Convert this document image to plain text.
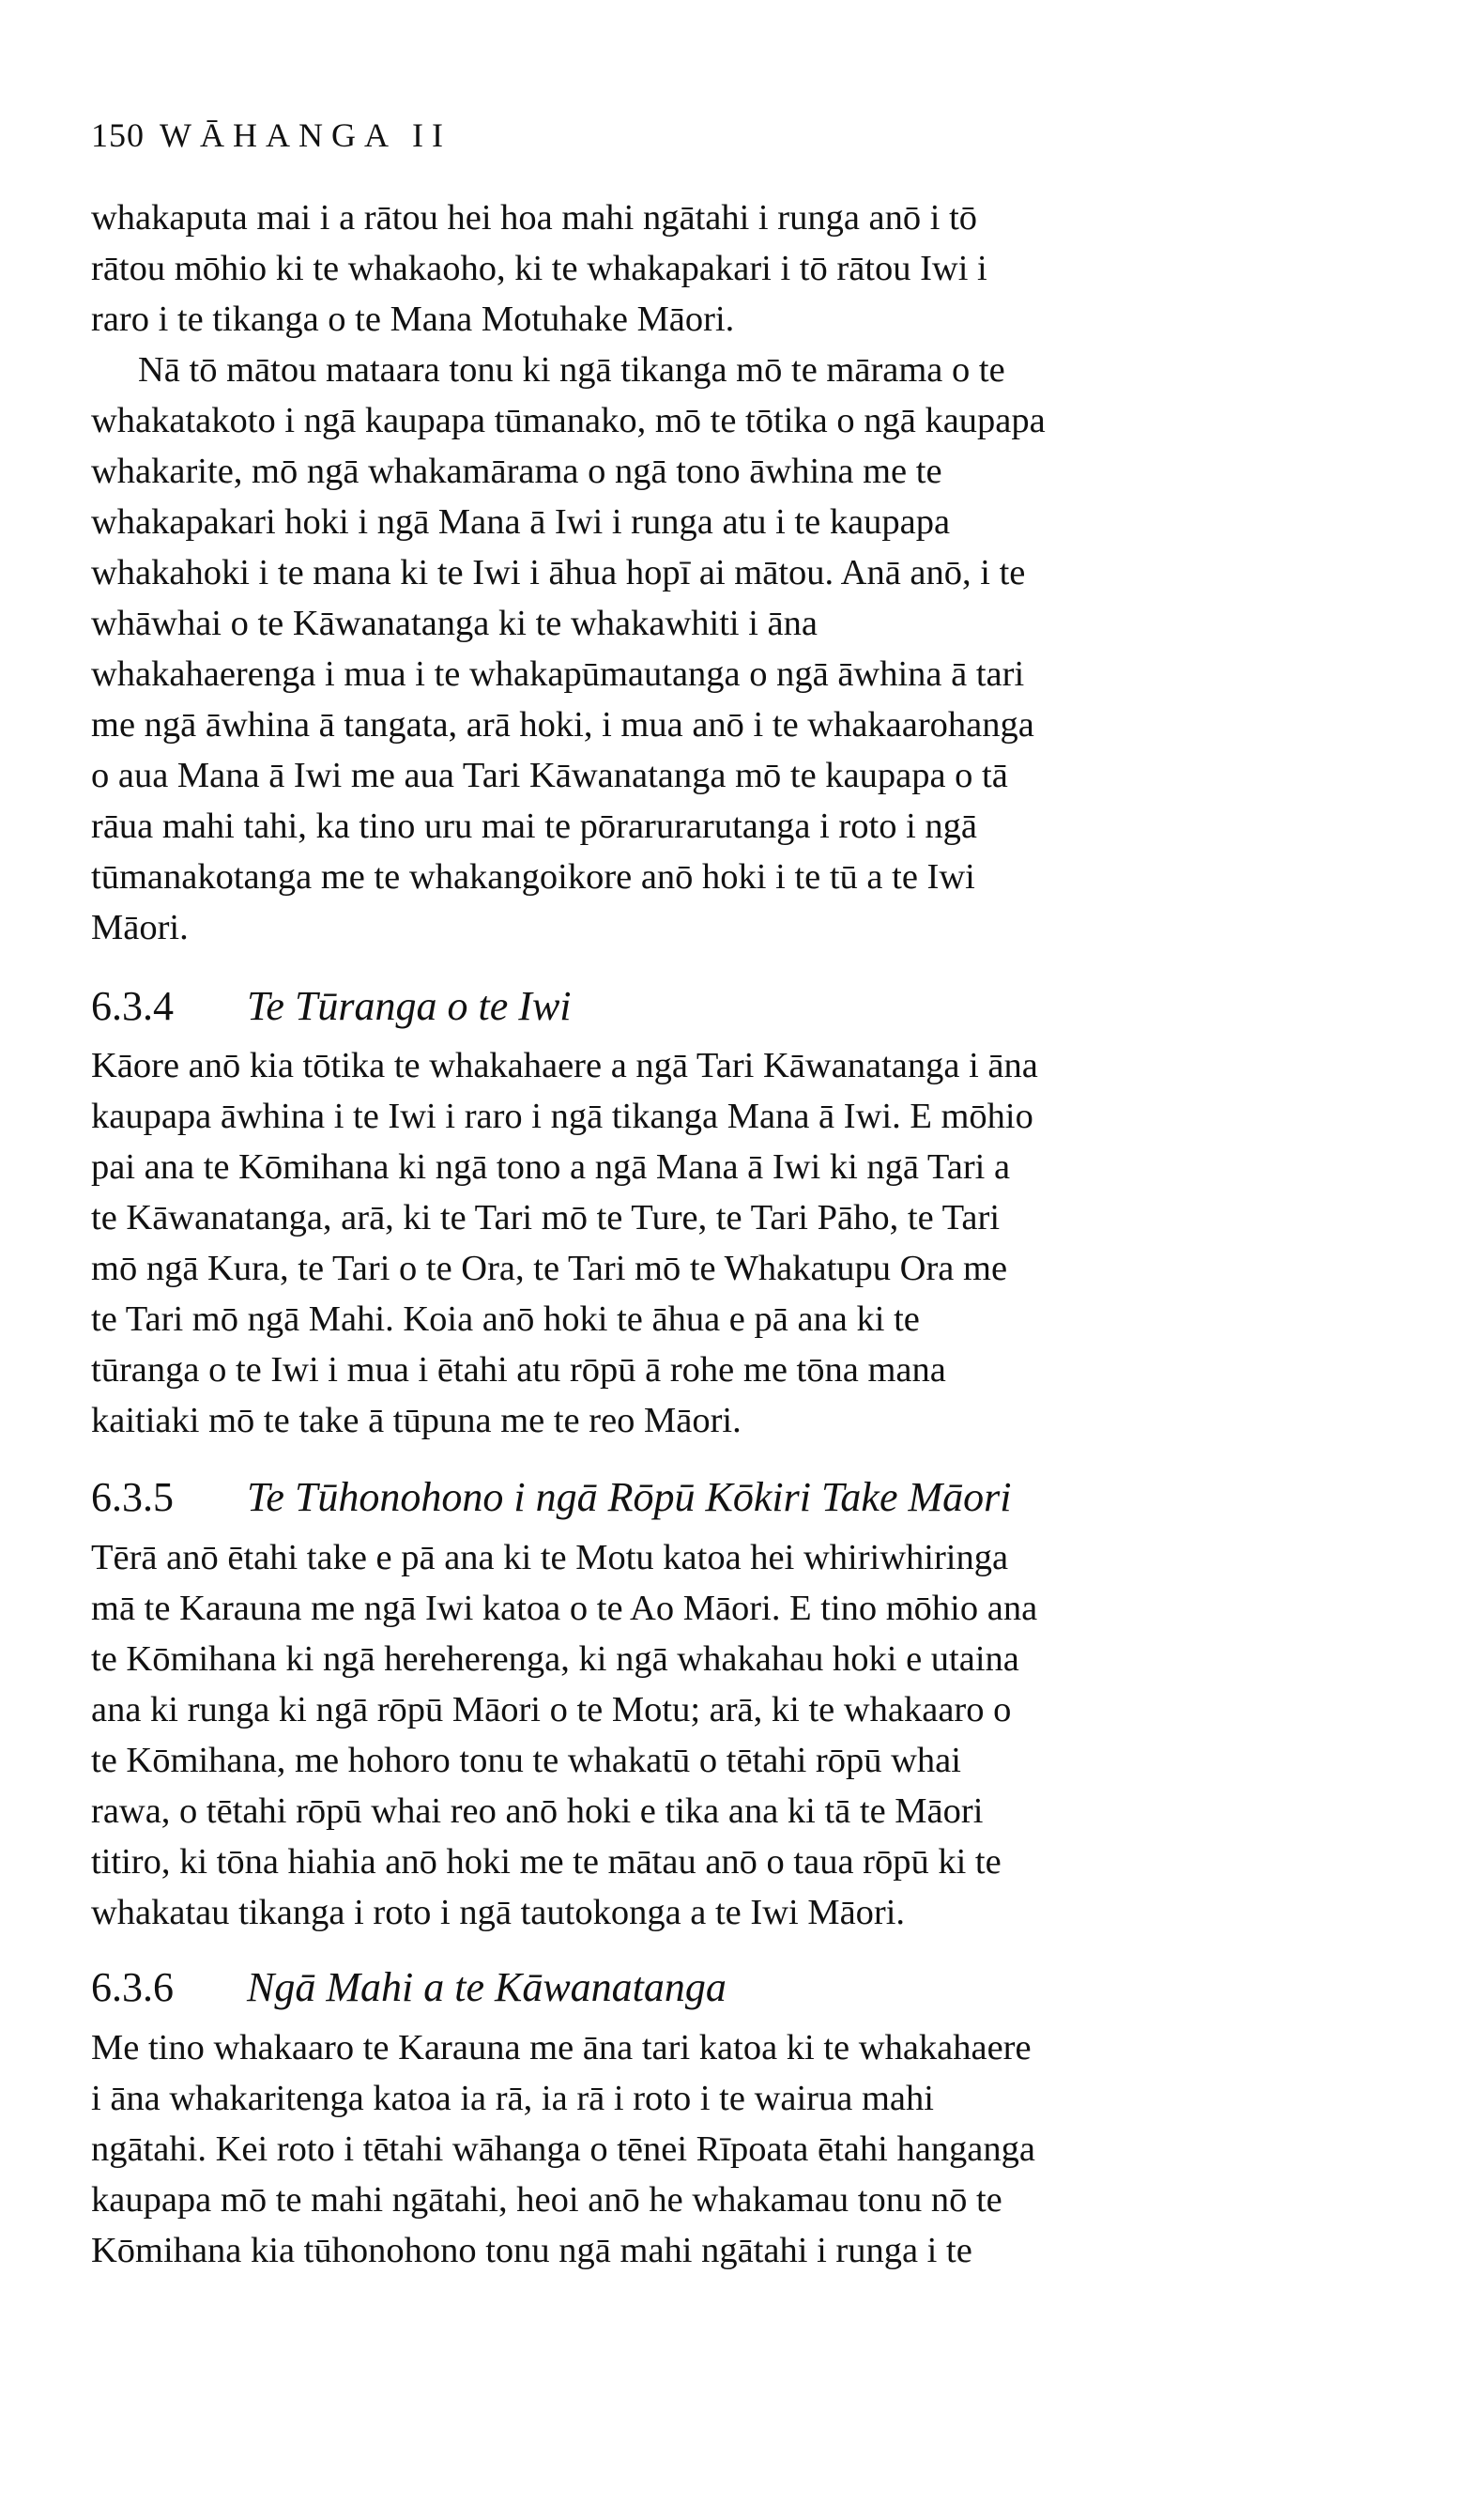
150 WĀHANGA II
whakaputa mai i a rātou hei hoa mahi ngātahi i runga anō i tō
rātou mōhio ki te whakaoho, ki te whakapakari i tō rātou Iwi i
raro i te tikanga o te Mana Motuhake Māori.
Nā tō mātou mataara tonu ki ngā tikanga mō te mārama o te
whakatakoto i ngā kaupapa tūmanako, mō te tōtika o ngā kaupapa
whakarite, mō ngā whakamārama o ngā tono āwhina me te
whakapakari hoki i ngā Mana ā Iwi i runga atu i te kaupapa
whakahoki i te mana ki te Iwi i āhua hopī ai mātou. Anā anō, i te
whāwhai o te Kāwanatanga ki te whakawhiti i āna
whakahaerenga i mua i te whakapūmautanga o ngā āwhina ā tari
me ngā āwhina ā tangata, arā hoki, i mua anō i te whakaarohanga
o aua Mana ā Iwi me aua Tari Kāwanatanga mō te kaupapa o tā
rāua mahi tahi, ka tino uru mai te pōrarurarutanga i roto i ngā
tūmanakotanga me te whakangoikore anō hoki i te tū a te Iwi
Māori.
6.3.4 Te Tūranga o te Iwi
Kāore anō kia tōtika te whakahaere a ngā Tari Kāwanatanga i āna
kaupapa āwhina i te Iwi i raro i ngā tikanga Mana ā Iwi. E mōhio
pai ana te Kōmihana ki ngā tono a ngā Mana ā Iwi ki ngā Tari a
te Kāwanatanga, arā, ki te Tari mō te Ture, te Tari Pāho, te Tari
mō ngā Kura, te Tari o te Ora, te Tari mō te Whakatupu Ora me
te Tari mō ngā Mahi. Koia anō hoki te āhua e pā ana ki te
tūranga o te Iwi i mua i ētahi atu rōpū ā rohe me tōna mana
kaitiaki mō te take ā tūpuna me te reo Māori.
6.3.5 Te Tūhonohono i ngā Rōpū Kōkiri Take Māori
Tērā anō ētahi take e pā ana ki te Motu katoa hei whiriwhiringa
mā te Karauna me ngā Iwi katoa o te Ao Māori. E tino mōhio ana
te Kōmihana ki ngā hereherenga, ki ngā whakahau hoki e utaina
ana ki runga ki ngā rōpū Māori o te Motu; arā, ki te whakaaro o
te Kōmihana, me hohoro tonu te whakatū o tētahi rōpū whai
rawa, o tētahi rōpū whai reo anō hoki e tika ana ki tā te Māori
titiro, ki tōna hiahia anō hoki me te mātau anō o taua rōpū ki te
whakatau tikanga i roto i ngā tautokonga a te Iwi Māori.
6.3.6 Ngā Mahi a te Kāwanatanga
Me tino whakaaro te Karauna me āna tari katoa ki te whakahaere
i āna whakaritenga katoa ia rā, ia rā i roto i te wairua mahi
ngātahi. Kei roto i tētahi wāhanga o tēnei Rīpoata ētahi hanganga
kaupapa mō te mahi ngātahi, heoi anō he whakamau tonu nō te
Kōmihana kia tūhonohono tonu ngā mahi ngātahi i runga i te
